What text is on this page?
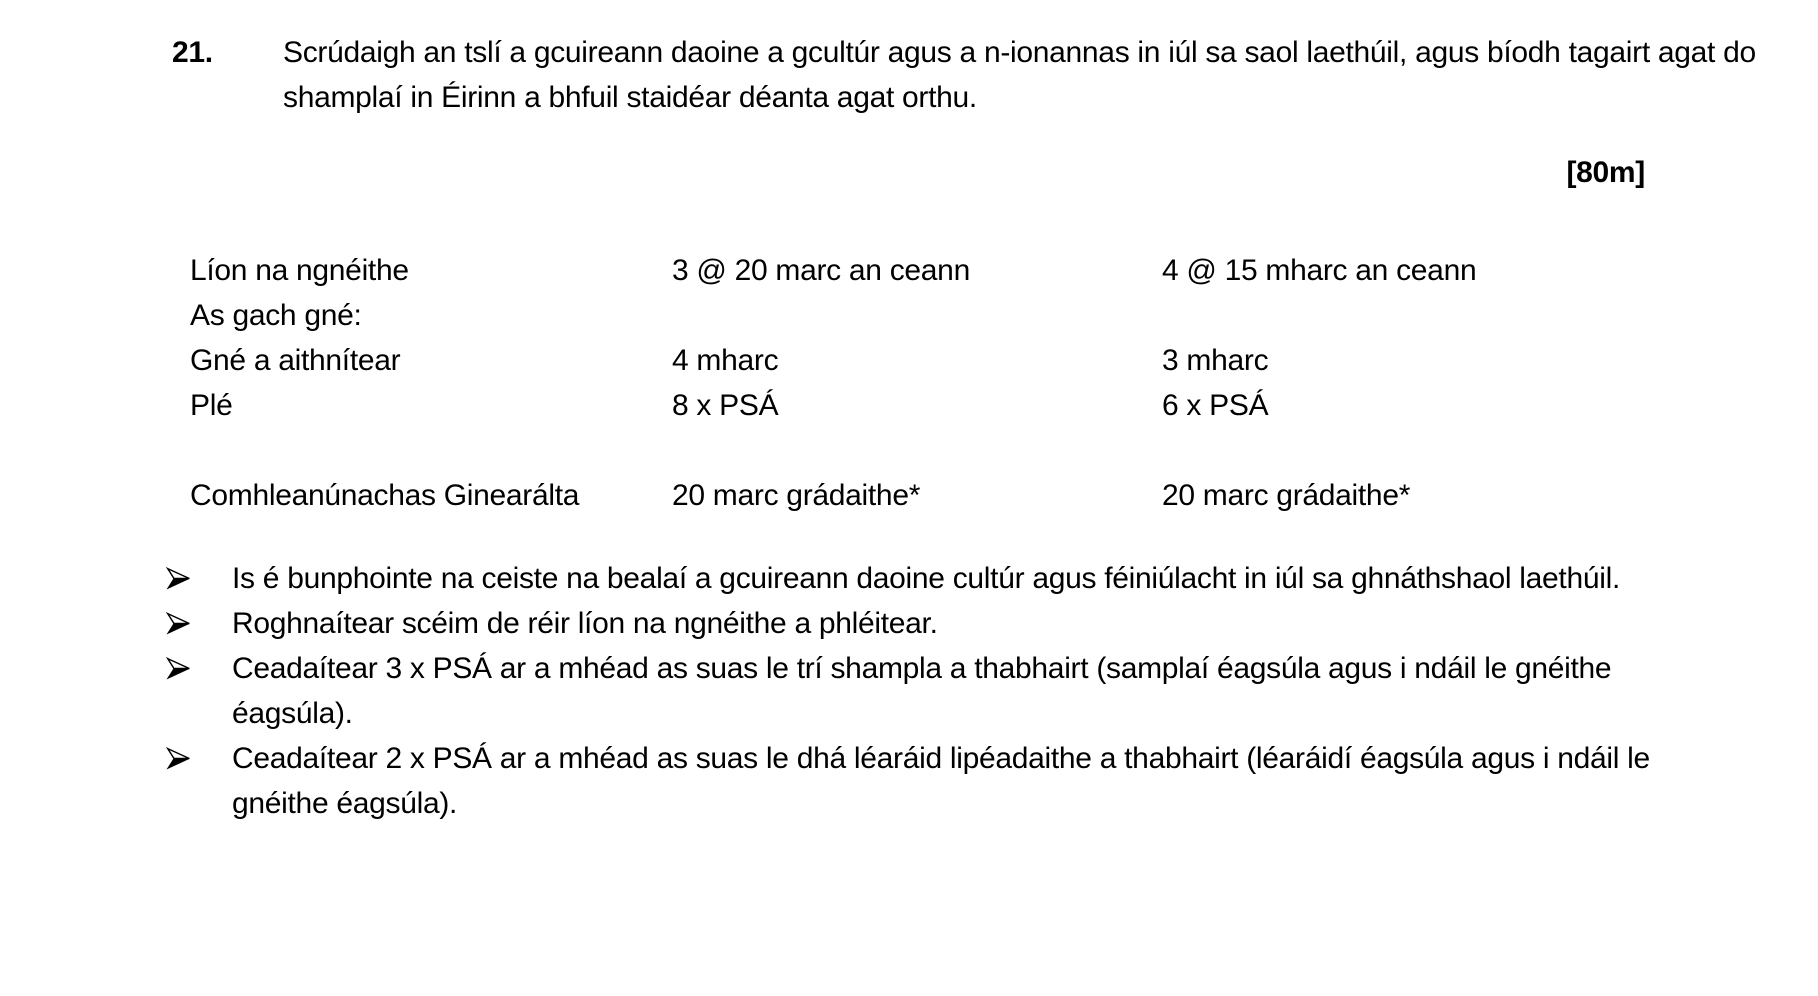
21.	Scrúdaigh an tslí a gcuireann daoine a gcultúr agus a n-ionannas in iúl sa saol laethúil, agus bíodh tagairt agat do shamplaí in Éirinn a bhfuil staidéar déanta agat orthu.
[80m]
Líon na ngnéithe	3 @ 20 marc an ceann	4 @ 15 mharc an ceann
As gach gné:
Gné a aithnítear	4 mharc	3 mharc
Plé	8 x PSÁ	6 x PSÁ
Comhleanúnachas Ginearálta	20 marc grádaithe*	20 marc grádaithe*
Is é bunphointe na ceiste na bealaí a gcuireann daoine cultúr agus féiniúlacht in iúl sa ghnáthshaol laethúil.
Roghnaítear scéim de réir líon na ngnéithe a phléitear.
Ceadaítear 3 x PSÁ ar a mhéad as suas le trí shampla a thabhairt (samplaí éagsúla agus i ndáil le gnéithe éagsúla).
Ceadaítear 2 x PSÁ ar a mhéad as suas le dhá léaráid lipéadaithe a thabhairt (léaráidí éagsúla agus i ndáil le gnéithe éagsúla).
